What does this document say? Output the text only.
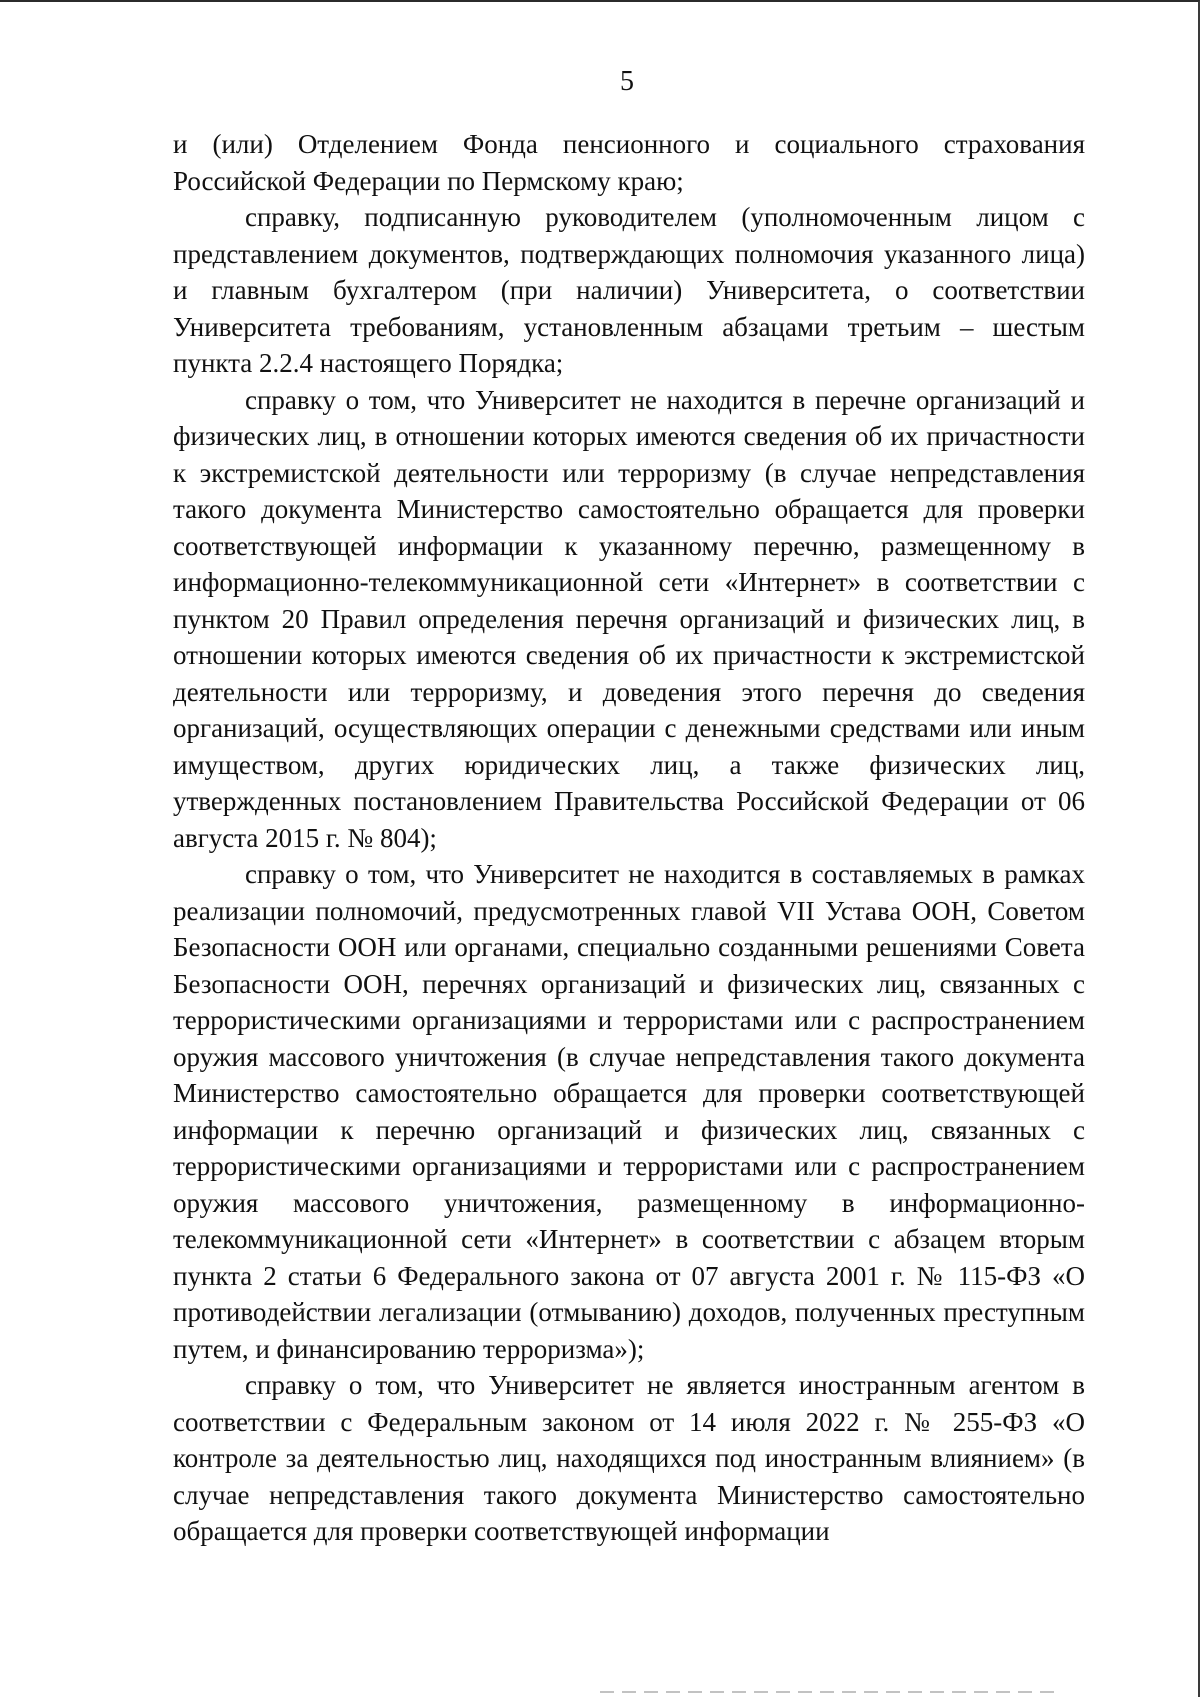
5

и (или) Отделением Фонда пенсионного и социального страхования Российской Федерации по Пермскому краю;

справку, подписанную руководителем (уполномоченным лицом с представлением документов, подтверждающих полномочия указанного лица) и главным бухгалтером (при наличии) Университета, о соответствии Университета требованиям, установленным абзацами третьим – шестым пункта 2.2.4 настоящего Порядка;

справку о том, что Университет не находится в перечне организаций и физических лиц, в отношении которых имеются сведения об их причастности к экстремистской деятельности или терроризму (в случае непредставления такого документа Министерство самостоятельно обращается для проверки соответствующей информации к указанному перечню, размещенному в информационно-телекоммуникационной сети «Интернет» в соответствии с пунктом 20 Правил определения перечня организаций и физических лиц, в отношении которых имеются сведения об их причастности к экстремистской деятельности или терроризму, и доведения этого перечня до сведения организаций, осуществляющих операции с денежными средствами или иным имуществом, других юридических лиц, а также физических лиц, утвержденных постановлением Правительства Российской Федерации от 06 августа 2015 г. № 804);

справку о том, что Университет не находится в составляемых в рамках реализации полномочий, предусмотренных главой VII Устава ООН, Советом Безопасности ООН или органами, специально созданными решениями Совета Безопасности ООН, перечнях организаций и физических лиц, связанных с террористическими организациями и террористами или с распространением оружия массового уничтожения (в случае непредставления такого документа Министерство самостоятельно обращается для проверки соответствующей информации к перечню организаций и физических лиц, связанных с террористическими организациями и террористами или с распространением оружия массового уничтожения, размещенному в информационно-телекоммуникационной сети «Интернет» в соответствии с абзацем вторым пункта 2 статьи 6 Федерального закона от 07 августа 2001 г. № 115-ФЗ «О противодействии легализации (отмыванию) доходов, полученных преступным путем, и финансированию терроризма»);

справку о том, что Университет не является иностранным агентом в соответствии с Федеральным законом от 14 июля 2022 г. № 255-ФЗ «О контроле за деятельностью лиц, находящихся под иностранным влиянием» (в случае непредставления такого документа Министерство самостоятельно обращается для проверки соответствующей информации
